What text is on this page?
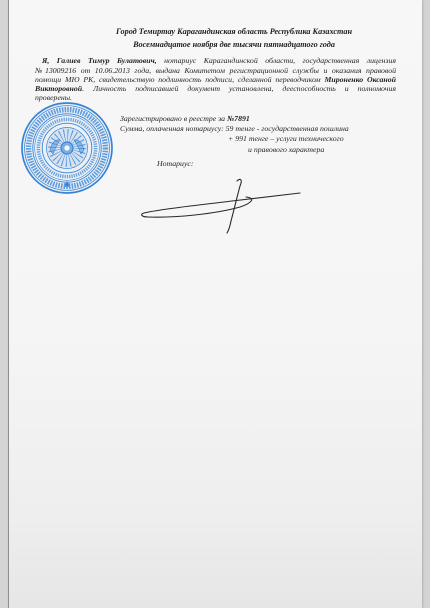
Город Темиртау Карагандинская область Республика Казахстан
Восемнадцатое ноября две тысячи пятнадцатого года
Я, Галиев Тимур Булатович, нотариус Карагандинской области, государственная лицензия
№13009216 от 10.06.2013 года, выдана Комитетом регистрационной службы и оказания правовой
помощи МЮ РК, свидетельствую подлинность подписи, сделанной переводчиком Мироненко Оксаной
Викторовной. Личность подписавшей документ установлена, дееспособность и полномочия
проверены.
Зарегистрировано в реестре за №7891
Сумма, оплаченная нотариусу: 59 тенге - государственная пошлина
+ 991 тенге – услуги технического
и правового характера
Нотариус:
